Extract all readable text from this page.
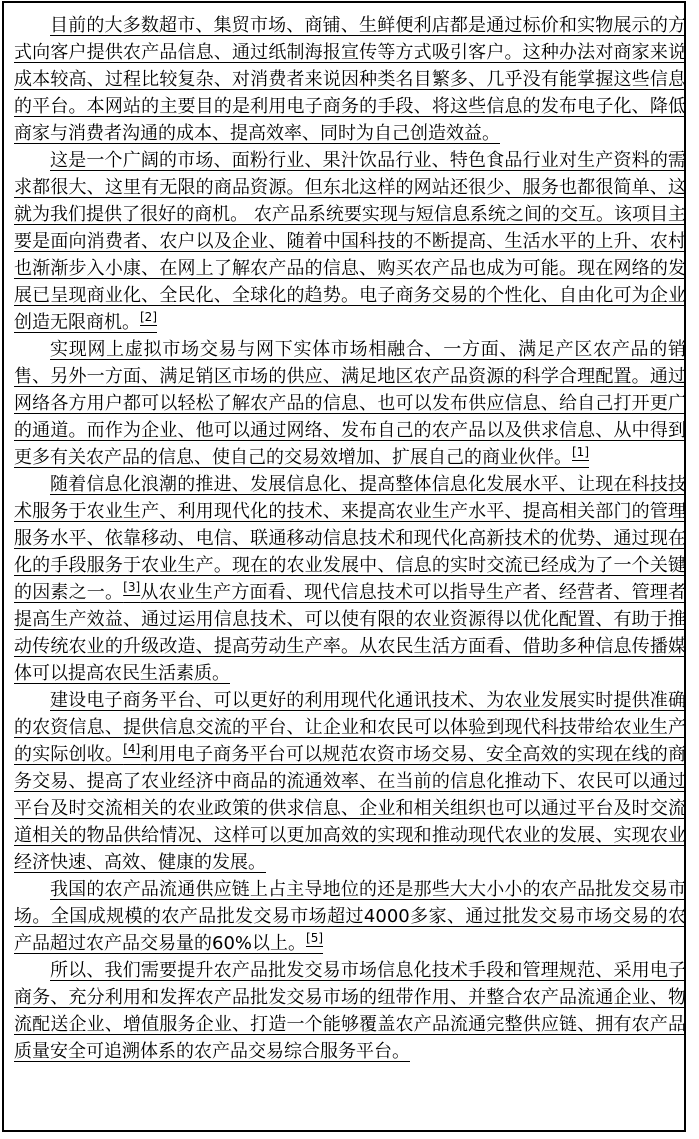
目前的大多数超市、集贸市场、商铺、生鲜便利店都是通过标价和实物展示的方式向客户提供农产品信息、通过纸制海报宣传等方式吸引客户。这种办法对商家来说成本较高、过程比较复杂、对消费者来说因种类名目繁多、几乎没有能掌握这些信息的平台。本网站的主要目的是利用电子商务的手段、将这些信息的发布电子化、降低商家与消费者沟通的成本、提高效率、同时为自己创造效益。

这是一个广阔的市场、面粉行业、果汁饮品行业、特色食品行业对生产资料的需求都很大、这里有无限的商品资源。但东北这样的网站还很少、服务也都很简单、这就为我们提供了很好的商机。 农产品系统要实现与短信息系统之间的交互。该项目主要是面向消费者、农户以及企业、随着中国科技的不断提高、生活水平的上升、农村也渐渐步入小康、在网上了解农产品的信息、购买农产品也成为可能。现在网络的发展已呈现商业化、全民化、全球化的趋势。电子商务交易的个性化、自由化可为企业创造无限商机。[2]

实现网上虚拟市场交易与网下实体市场相融合、一方面、满足产区农产品的销售、另外一方面、满足销区市场的供应、满足地区农产品资源的科学合理配置。通过网络各方用户都可以轻松了解农产品的信息、也可以发布供应信息、给自己打开更广的通道。而作为企业、他可以通过网络、发布自己的农产品以及供求信息、从中得到更多有关农产品的信息、使自己的交易效增加、扩展自己的商业伙伴。[1]

随着信息化浪潮的推进、发展信息化、提高整体信息化发展水平、让现在科技技术服务于农业生产、利用现代化的技术、来提高农业生产水平、提高相关部门的管理服务水平、依靠移动、电信、联通移动信息技术和现代化高新技术的优势、通过现在化的手段服务于农业生产。现在的农业发展中、信息的实时交流已经成为了一个关键的因素之一。[3]从农业生产方面看、现代信息技术可以指导生产者、经营者、管理者提高生产效益、通过运用信息技术、可以使有限的农业资源得以优化配置、有助于推动传统农业的升级改造、提高劳动生产率。从农民生活方面看、借助多种信息传播媒体可以提高农民生活素质。

建设电子商务平台、可以更好的利用现代化通讯技术、为农业发展实时提供准确的农资信息、提供信息交流的平台、让企业和农民可以体验到现代科技带给农业生产的实际创收。[4]利用电子商务平台可以规范农资市场交易、安全高效的实现在线的商务交易、提高了农业经济中商品的流通效率、在当前的信息化推动下、农民可以通过平台及时交流相关的农业政策的供求信息、企业和相关组织也可以通过平台及时交流道相关的物品供给情况、这样可以更加高效的实现和推动现代农业的发展、实现农业经济快速、高效、健康的发展。

我国的农产品流通供应链上占主导地位的还是那些大大小小的农产品批发交易市场。全国成规模的农产品批发交易市场超过4000多家、通过批发交易市场交易的农产品超过农产品交易量的60%以上。[5]

所以、我们需要提升农产品批发交易市场信息化技术手段和管理规范、采用电子商务、充分利用和发挥农产品批发交易市场的纽带作用、并整合农产品流通企业、物流配送企业、增值服务企业、打造一个能够覆盖农产品流通完整供应链、拥有农产品质量安全可追溯体系的农产品交易综合服务平台。
